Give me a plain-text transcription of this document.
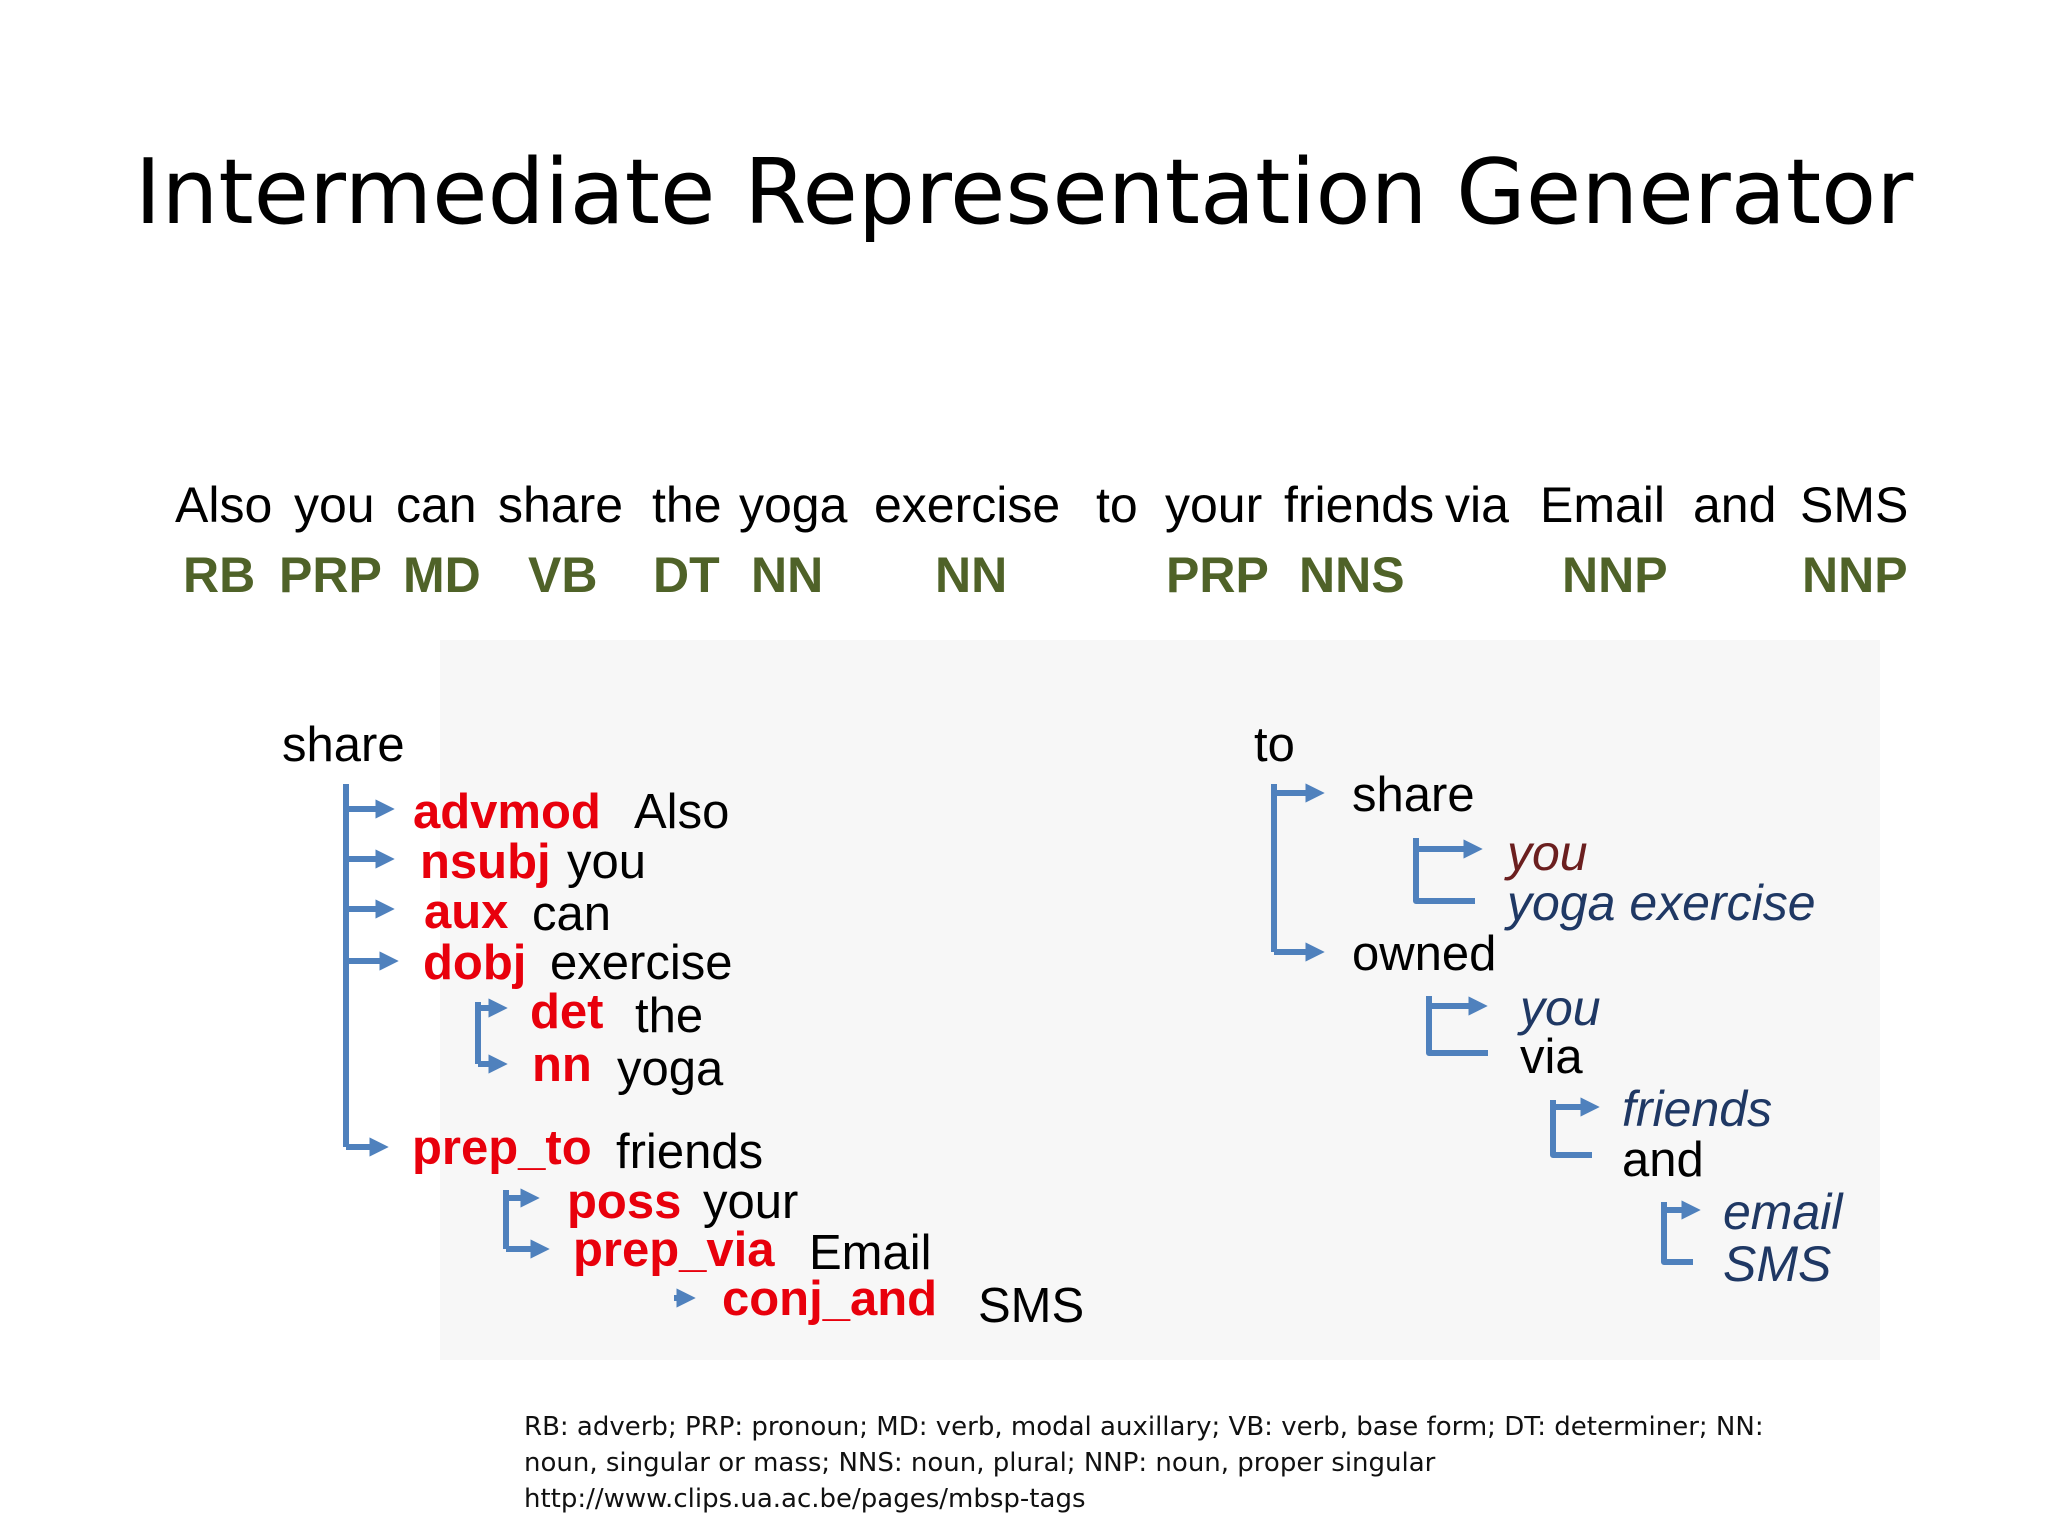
Intermediate Representation Generator
Also you can share the yoga exercise to your friends via Email and SMS
RB PRP MD VB DT NN NN	PRP NNS	NNP	NNP
share
advmod Also
nsubj you
aux can
dobj exercise
det the
nn yoga
prep_to friends
poss your
prep_via Email
conj_and SMS
to
share
you
yoga exercise
owned
you
via
friends
and
email
SMS
RB: adverb; PRP: pronoun; MD: verb, modal auxillary; VB: verb, base form; DT: determiner; NN:
noun, singular or mass; NNS: noun, plural; NNP: noun, proper singular
http://www.clips.ua.ac.be/pages/mbsp-tags
